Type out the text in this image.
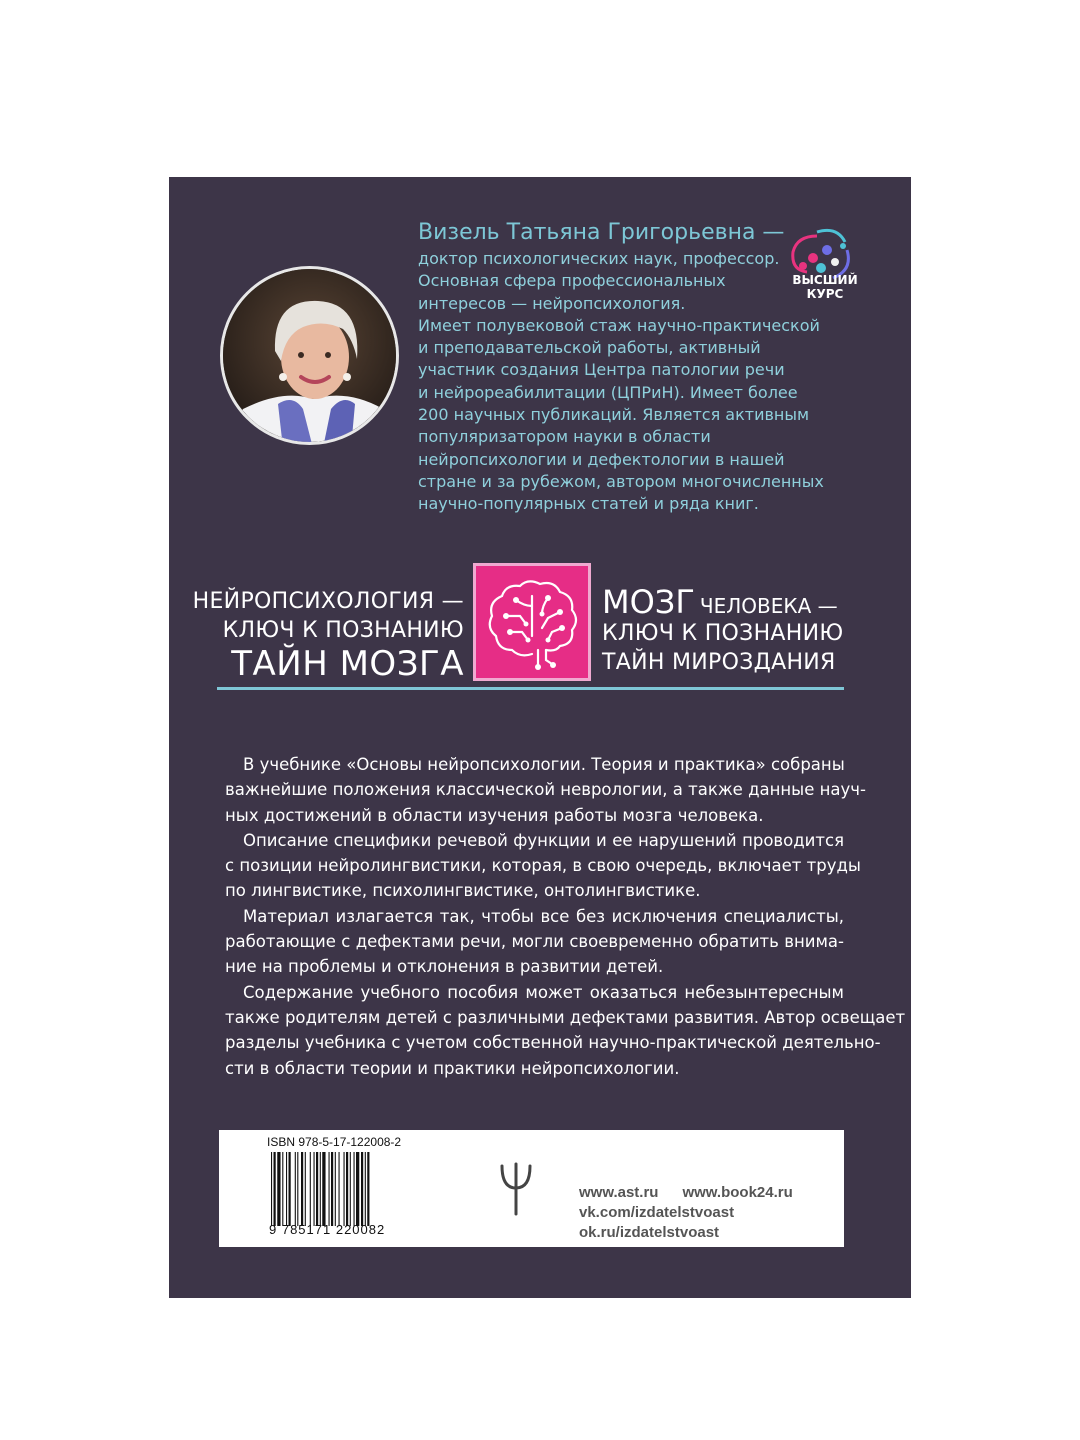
Визель Татьяна Григорьевна —
доктор психологических наук, профессор.
Основная сфера профессиональных
интересов — нейропсихология.
Имеет полувековой стаж научно-практической
и преподавательской работы, активный
участник создания Центра патологии речи
и нейрореабилитации (ЦПРиН). Имеет более
200 научных публикаций. Является активным
популяризатором науки в области
нейропсихологии и дефектологии в нашей
стране и за рубежом, автором многочисленных
научно-популярных статей и ряда книг.
ВЫСШИЙ
КУРС
НЕЙРОПСИХОЛОГИЯ —
КЛЮЧ К ПОЗНАНИЮ
ТАЙН МОЗГА
МОЗГ ЧЕЛОВЕКА —
КЛЮЧ К ПОЗНАНИЮ
ТАЙН МИРОЗДАНИЯ

В учебнике «Основы нейропсихологии. Теория и практика» собраны
важнейшие положения классической неврологии, а также данные науч-
ных достижений в области изучения работы мозга человека.

Описание специфики речевой функции и ее нарушений проводится
с позиции нейролингвистики, которая, в свою очередь, включает труды
по лингвистике, психолингвистике, онтолингвистике.

Материал излагается так, чтобы все без исключения специалисты,
работающие с дефектами речи, могли своевременно обратить внима-
ние на проблемы и отклонения в развитии детей.

Содержание учебного пособия может оказаться небезынтересным
также родителям детей с различными дефектами развития. Автор освещает
разделы учебника с учетом собственной научно-практической деятельно-
сти в области теории и практики нейропсихологии.

ISBN 978-5-17-122008-2
9 785171 220082
www.ast.ru www.book24.ru
vk.com/izdatelstvoast
ok.ru/izdatelstvoast
